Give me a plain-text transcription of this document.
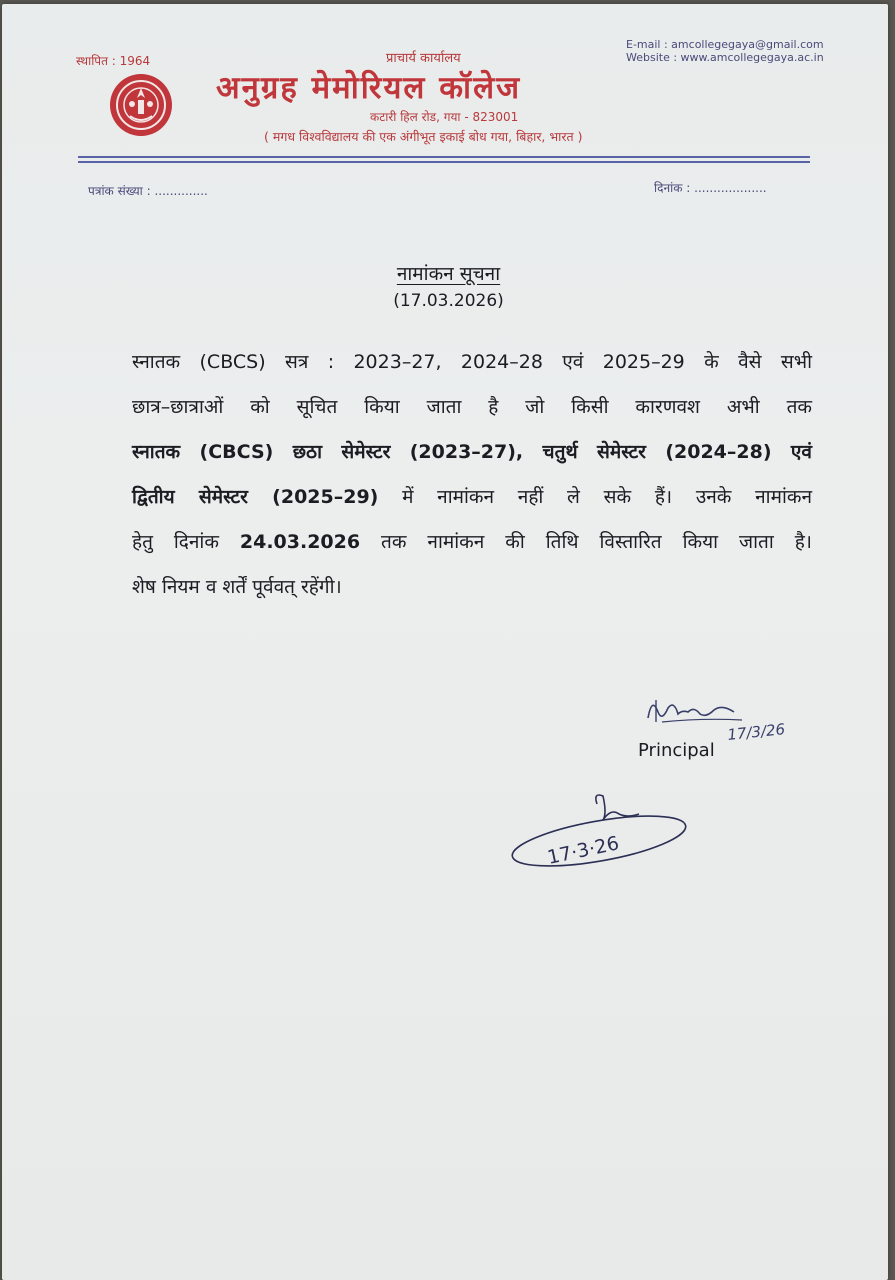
स्थापित : 1964	प्राचार्य कार्यालय
E-mail : amcollegegaya@gmail.com
Website : www.amcollegegaya.ac.in
अनुग्रह मेमोरियल कॉलेज
कटारी हिल रोड, गया - 823001
( मगध विश्वविद्यालय की एक अंगीभूत इकाई बोध गया, बिहार, भारत )
पत्रांक संख्या : ..............	दिनांक : ...................
नामांकन सूचना
(17.03.2026)
स्नातक (CBCS) सत्र : 2023–27, 2024–28 एवं 2025–29 के वैसे सभी
छात्र–छात्राओं को सूचित किया जाता है जो किसी कारणवश अभी तक
स्नातक (CBCS) छठा सेमेस्टर (2023–27), चतुर्थ सेमेस्टर (2024–28) एवं
द्वितीय सेमेस्टर (2025–29) में नामांकन नहीं ले सके हैं। उनके नामांकन
हेतु दिनांक 24.03.2026 तक नामांकन की तिथि विस्तारित किया जाता है।
शेष नियम व शर्तें पूर्ववत् रहेंगी।
17/3/26
Principal
17·3·26
